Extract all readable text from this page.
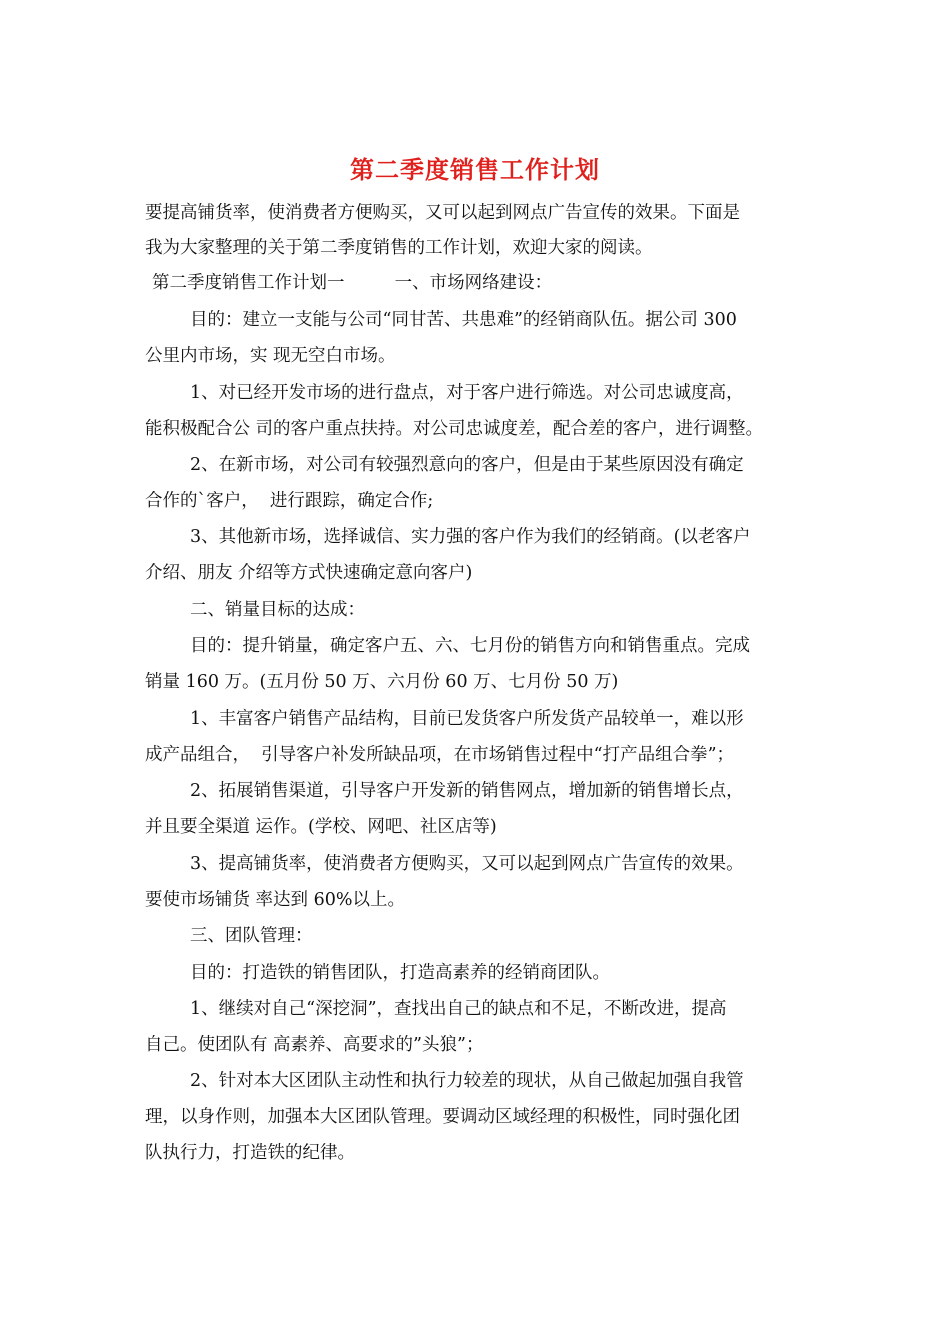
第二季度销售工作计划
要提高铺货率，使消费者方便购买，又可以起到网点广告宣传的效果。下面是
我为大家整理的关于第二季度销售的工作计划，欢迎大家的阅读。
第二季度销售工作计划一         一、市场网络建设：
目的：建立一支能与公司“同甘苦、共患难”的经销商队伍。据公司 300
公里内市场，实 现无空白市场。
1、对已经开发市场的进行盘点，对于客户进行筛选。对公司忠诚度高，
能积极配合公 司的客户重点扶持。对公司忠诚度差，配合差的客户，进行调整。
2、在新市场，对公司有较强烈意向的客户，但是由于某些原因没有确定
合作的`客户，  进行跟踪，确定合作;
3、其他新市场，选择诚信、实力强的客户作为我们的经销商。(以老客户
介绍、朋友 介绍等方式快速确定意向客户)
二、销量目标的达成：
目的：提升销量，确定客户五、六、七月份的销售方向和销售重点。完成
销量 160 万。(五月份 50 万、六月份 60 万、七月份 50 万)
1、丰富客户销售产品结构，目前已发货客户所发货产品较单一，难以形
成产品组合，  引导客户补发所缺品项，在市场销售过程中“打产品组合拳”；
2、拓展销售渠道，引导客户开发新的销售网点，增加新的销售增长点，
并且要全渠道 运作。(学校、网吧、社区店等)
3、提高铺货率，使消费者方便购买，又可以起到网点广告宣传的效果。
要使市场铺货 率达到 60%以上。
三、团队管理：
目的：打造铁的销售团队，打造高素养的经销商团队。
1、继续对自己“深挖洞”，查找出自己的缺点和不足，不断改进，提高
自己。使团队有 高素养、高要求的”头狼”；
2、针对本大区团队主动性和执行力较差的现状，从自己做起加强自我管
理，以身作则，加强本大区团队管理。要调动区域经理的积极性，同时强化团
队执行力，打造铁的纪律。
